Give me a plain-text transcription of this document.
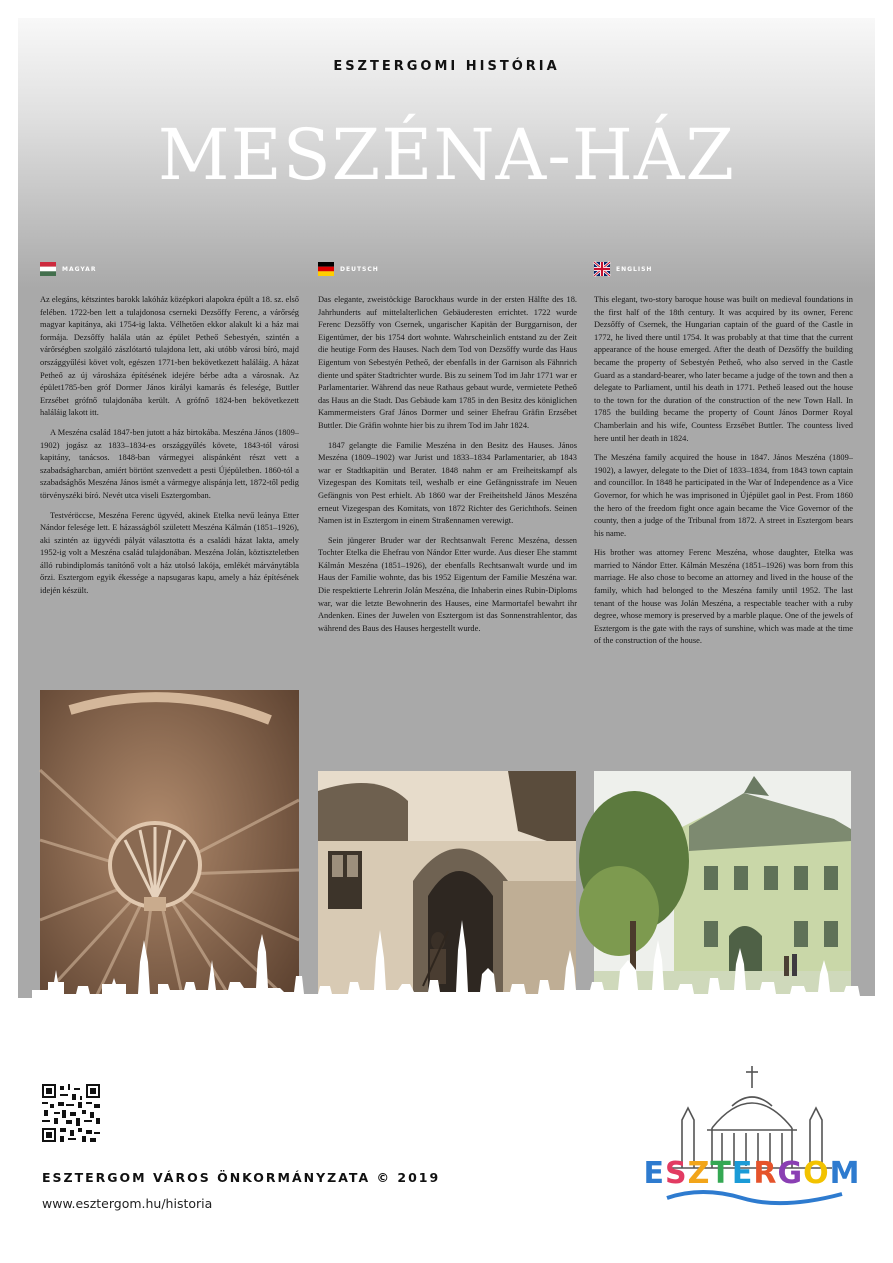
ESZTERGOMI HISTÓRIA
MESZÉNA-HÁZ
MAGYAR

Az elegáns, kétszintes barokk lakóház középkori alapokra épült a 18. sz. első felében. 1722-ben lett a tulajdonosa cserneki Dezsőffy Ferenc, a várőrség magyar kapitánya, aki 1754-ig lakta. Vélhetően ekkor alakult ki a ház mai formája. Dezsőffy halála után az épület Petheő Sebestyén, szintén a várőrségben szolgáló zászlótartó tulajdona lett, aki utóbb városi bíró, majd országgyűlési követ volt, egészen 1771-ben bekövetkezett haláláig. A házat Petheő az új városháza építésének idejére bérbe adta a városnak. Az épület1785-ben gróf Dormer János királyi kamarás és felesége, Buttler Erzsébet grófnő tulajdonába került. A grófnő 1824-ben bekövetkezett haláláig lakott itt.

A Meszéna család 1847-ben jutott a ház birtokába. Meszéna János (1809–1902) jogász az 1833–1834-es országgyűlés követe, 1843-tól városi kapitány, tanácsos. 1848-ban vármegyei alispánként részt vett a szabadságharcban, amiért börtönt szenvedett a pesti Újépületben. 1860-tól a szabadsághős Meszéna János ismét a vármegye alispánja lett, 1872-től pedig törvényszéki bíró. Nevét utca viseli Esztergomban.

Testvéröccse, Meszéna Ferenc ügyvéd, akinek Etelka nevű leánya Etter Nándor felesége lett. E házasságból született Meszéna Kálmán (1851–1926), aki szintén az ügyvédi pályát választotta és a családi házat lakta, amely 1952-ig volt a Meszéna család tulajdonában. Meszéna Jolán, köztiszteletben álló rubindiplomás tanítónő volt a ház utolsó lakója, emlékét márványtábla őrzi. Esztergom egyik ékessége a napsugaras kapu, amely a ház építésének idején készült.

DEUTSCH

Das elegante, zweistöckige Barockhaus wurde in der ersten Hälfte des 18. Jahrhunderts auf mittelalterlichen Gebäuderesten errichtet. 1722 wurde Ferenc Dezsőffy von Csernek, ungarischer Kapitän der Burggarnison, der Eigentümer, der bis 1754 dort wohnte. Wahrscheinlich entstand zu der Zeit die heutige Form des Hauses. Nach dem Tod von Dezsőffy wurde das Haus Eigentum von Sebestyén Petheő, der ebenfalls in der Garnison als Fähnrich diente und später Stadtrichter wurde. Bis zu seinem Tod im Jahr 1771 war er Parlamentarier. Während das neue Rathaus gebaut wurde, vermietete Petheő das Haus an die Stadt. Das Gebäude kam 1785 in den Besitz des königlichen Kammermeisters Graf János Dormer und seiner Ehefrau Gräfin Erzsébet Buttler. Die Gräfin wohnte hier bis zu ihrem Tod im Jahr 1824.

1847 gelangte die Familie Meszéna in den Besitz des Hauses. János Meszéna (1809–1902) war Jurist und 1833–1834 Parlamentarier, ab 1843 war er Stadtkapitän und Berater. 1848 nahm er am Freiheitskampf als Vizegespan des Komitats teil, weshalb er eine Gefängnisstrafe im Neuen Gefängnis von Pest erhielt. Ab 1860 war der Freiheitsheld János Meszéna erneut Vizegespan des Komitats, von 1872 Richter des Gerichthofs. Seinen Namen ist in Esztergom in einem Straßennamen verewigt.

Sein jüngerer Bruder war der Rechtsanwalt Ferenc Meszéna, dessen Tochter Etelka die Ehefrau von Nándor Etter wurde. Aus dieser Ehe stammt Kálmán Meszéna (1851–1926), der ebenfalls Rechtsanwalt wurde und im Haus der Familie wohnte, das bis 1952 Eigentum der Familie Meszéna war. Die respektierte Lehrerin Jolán Meszéna, die Inhaberin eines Rubin-Diploms war, war die letzte Bewohnerin des Hauses, eine Marmortafel bewahrt ihr Andenken. Eines der Juwelen von Esztergom ist das Sonnenstrahlentor, das während des Baus des Hauses hergestellt wurde.

ENGLISH

This elegant, two-story baroque house was built on medieval foundations in the first half of the 18th century. It was acquired by its owner, Ferenc Dezsőffy of Csernek, the Hungarian captain of the guard of the Castle in 1772, he lived there until 1754. It was probably at that time that the current appearance of the house emerged. After the death of Dezsőffy the building became the property of Sebestyén Petheő, who also served in the Castle Guard as a standard-bearer, who later became a judge of the town and then a delegate to Parliament, until his death in 1771. Petheő leased out the house to the town for the duration of the construction of the new Town Hall. In 1785 the building became the property of Count János Dormer Royal Chamberlain and his wife, Countess Erzsébet Buttler. The countess lived here until her death in 1824.

The Meszéna family acquired the house in 1847. János Meszéna (1809–1902), a lawyer, delegate to the Diet of 1833–1834, from 1843 town captain and councillor. In 1848 he participated in the War of Independence as a Vice Governor, for which he was imprisoned in Újépület gaol in Pest. From 1860 the hero of the freedom fight once again became the Vice Governor of the county, then a judge of the Tribunal from 1872. A street in Esztergom bears his name.

His brother was attorney Ferenc Meszéna, whose daughter, Etelka was married to Nándor Etter. Kálmán Meszéna (1851–1926) was born from this marriage. He also chose to become an attorney and lived in the house of the family, which had belonged to the Meszéna family until 1952. The last tenant of the house was Jolán Meszéna, a respectable teacher with a ruby degree, whose memory is preserved by a marble plaque. One of the jewels of Esztergom is the gate with the rays of sunshine, which was made at the time of the construction of the house.

ESZTERGOM VÁROS ÖNKORMÁNYZATA © 2019
www.esztergom.hu/historia
ESZTERGOM
